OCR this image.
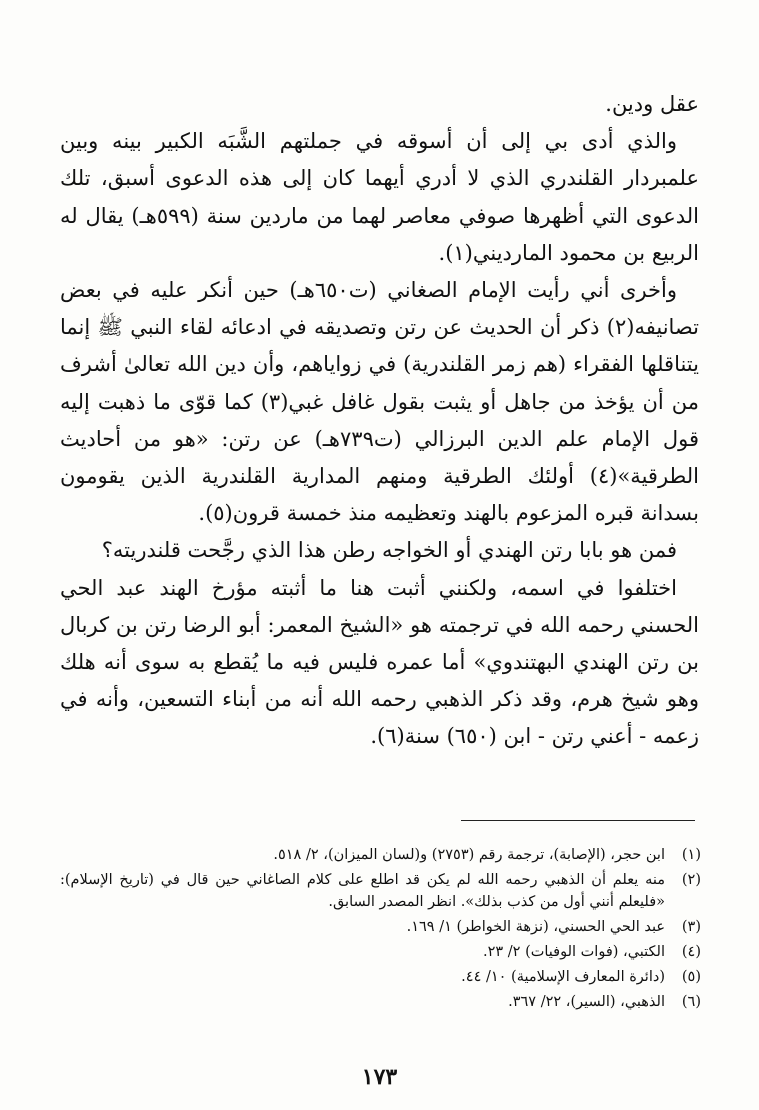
عقل ودين.

والذي أدى بي إلى أن أسوقه في جملتهم الشَّبَه الكبير بينه وبين علمبردار القلندري الذي لا أدري أيهما كان إلى هذه الدعوى أسبق، تلك الدعوى التي أظهرها صوفي معاصر لهما من ماردين سنة (٥٩٩هـ) يقال له الربيع بن محمود المارديني(١).

وأخرى أني رأيت الإمام الصغاني (ت٦٥٠هـ) حين أنكر عليه في بعض تصانيفه(٢) ذكر أن الحديث عن رتن وتصديقه في ادعائه لقاء النبي ﷺ إنما يتناقلها الفقراء (هم زمر القلندرية) في زواياهم، وأن دين الله تعالىٰ أشرف من أن يؤخذ من جاهل أو يثبت بقول غافل غبي(٣) كما قوّى ما ذهبت إليه قول الإمام علم الدين البرزالي (ت٧٣٩هـ) عن رتن: «هو من أحاديث الطرقية»(٤) أولئك الطرقية ومنهم المدارية القلندرية الذين يقومون بسدانة قبره المزعوم بالهند وتعظيمه منذ خمسة قرون(٥).

فمن هو بابا رتن الهندي أو الخواجه رطن هذا الذي رجَّحت قلندريته؟

اختلفوا في اسمه، ولكنني أثبت هنا ما أثبته مؤرخ الهند عبد الحي الحسني رحمه الله في ترجمته هو «الشيخ المعمر: أبو الرضا رتن بن كربال بن رتن الهندي البهتندوي» أما عمره فليس فيه ما يُقطع به سوى أنه هلك وهو شيخ هرم، وقد ذكر الذهبي رحمه الله أنه من أبناء التسعين، وأنه في زعمه - أعني رتن - ابن (٦٥٠) سنة(٦).

(١)
ابن حجر، (الإصابة)، ترجمة رقم (٢٧٥٣) و(لسان الميزان)، ٢/ ٥١٨.
(٢)
منه يعلم أن الذهبي رحمه الله لم يكن قد اطلع على كلام الصاغاني حين قال في (تاريخ الإسلام): «فليعلم أنني أول من كذب بذلك». انظر المصدر السابق.
(٣)
عبد الحي الحسني، (نزهة الخواطر) ١/ ١٦٩.
(٤)
الكتبي، (فوات الوفيات) ٢/ ٢٣.
(٥)
(دائرة المعارف الإسلامية) ١٠/ ٤٤.
(٦)
الذهبي، (السير)، ٢٢/ ٣٦٧.
١٧٣
